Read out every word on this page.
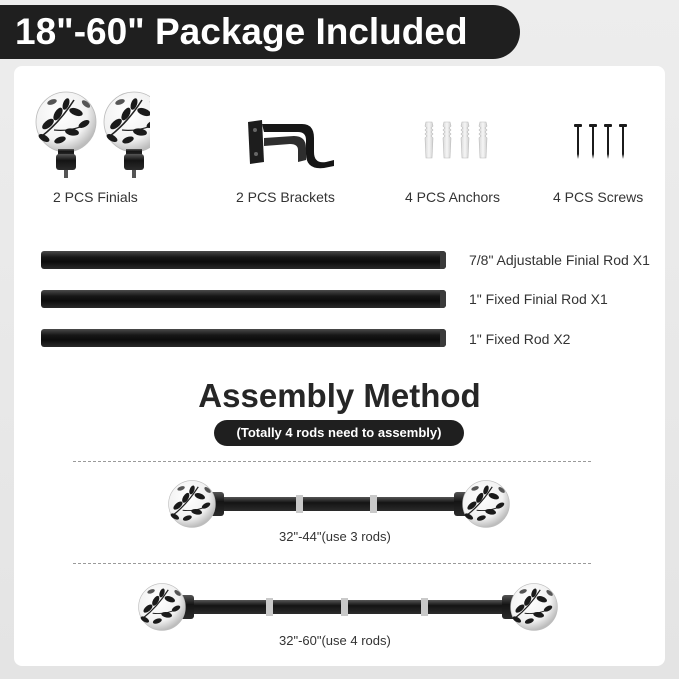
18"-60" Package Included
2 PCS Finials	2 PCS Brackets	4 PCS Anchors	4 PCS Screws
7/8" Adjustable Finial Rod X1
1" Fixed Finial Rod X1
1" Fixed Rod X2
Assembly Method
(Totally 4 rods need to assembly)
32"-44"(use 3 rods)
32"-60"(use 4 rods)
